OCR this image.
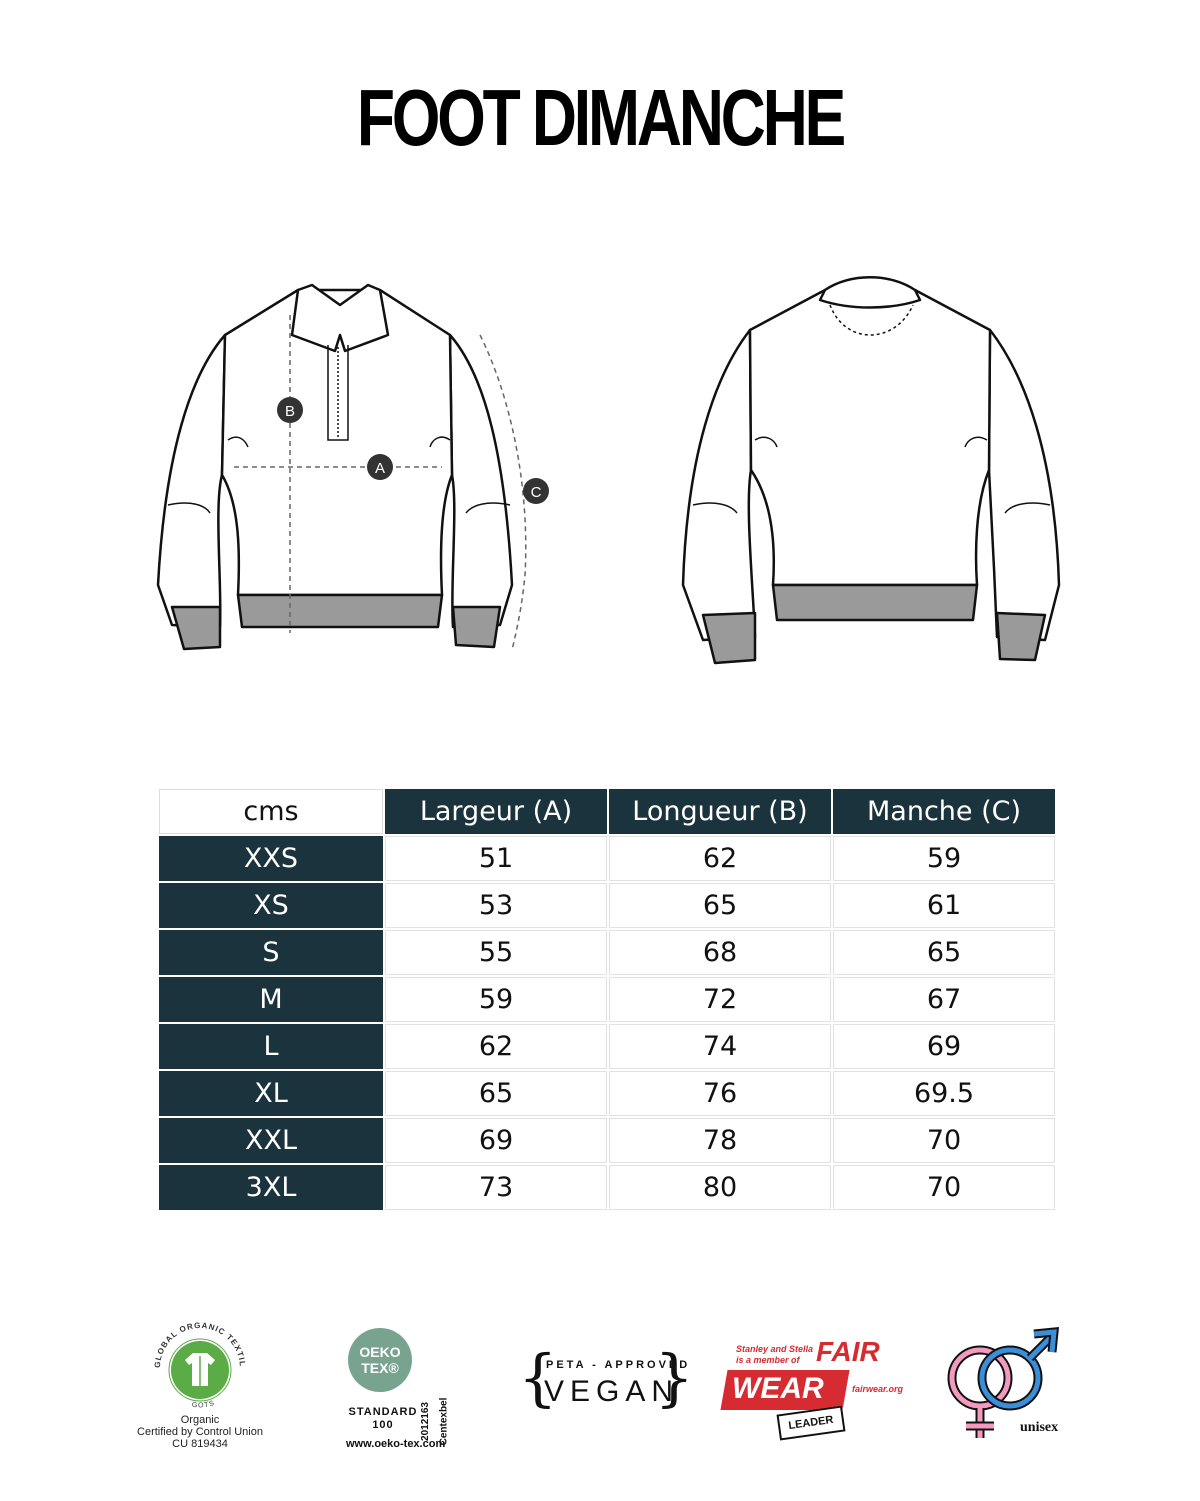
FOOT DIMANCHE
A
B
C
cms	Largeur (A)	Longueur (B)	Manche (C)
XXS	51	62	59
XS	53	65	61
S	55	68	65
M	59	72	67
L	62	74	69
XL	65	76	69.5
XXL	69	78	70
3XL	73	80	70
GLOBAL ORGANIC TEXTIL
GOTS
Organic
Certified by Control Union
CU 819434
OEKO
TEX®
STANDARD
100	2012163 Centexbel
www.oeko-tex.com
{
PETA - APPROVED
VEGAN
}	Stanley and Stella
is a member of FAIR
WEAR	fairwear.org
LEADER	unisex
